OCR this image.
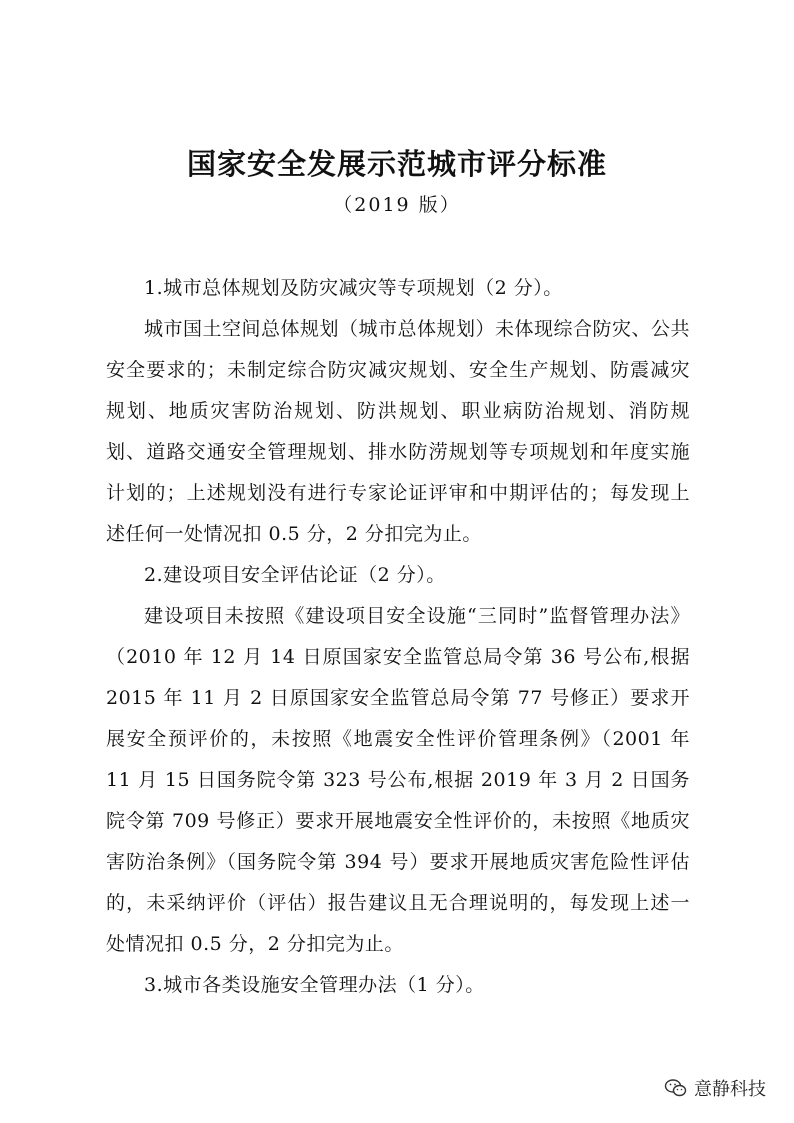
国家安全发展示范城市评分标准
（2019 版）

1.城市总体规划及防灾减灾等专项规划（2 分）。

城市国土空间总体规划（城市总体规划）未体现综合防灾、公共安全要求的；未制定综合防灾减灾规划、安全生产规划、防震减灾规划、地质灾害防治规划、防洪规划、职业病防治规划、消防规划、道路交通安全管理规划、排水防涝规划等专项规划和年度实施计划的；上述规划没有进行专家论证评审和中期评估的；每发现上述任何一处情况扣 0.5 分，2 分扣完为止。

2.建设项目安全评估论证（2 分）。

建设项目未按照《建设项目安全设施“三同时”监督管理办法》（2010 年 12 月 14 日原国家安全监管总局令第 36 号公布,根据 2015 年 11 月 2 日原国家安全监管总局令第 77 号修正）要求开展安全预评价的，未按照《地震安全性评价管理条例》（2001 年 11 月 15 日国务院令第 323 号公布,根据 2019 年 3 月 2 日国务院令第 709 号修正）要求开展地震安全性评价的，未按照《地质灾害防治条例》（国务院令第 394 号）要求开展地质灾害危险性评估的，未采纳评价（评估）报告建议且无合理说明的，每发现上述一处情况扣 0.5 分，2 分扣完为止。

3.城市各类设施安全管理办法（1 分）。

意静科技
